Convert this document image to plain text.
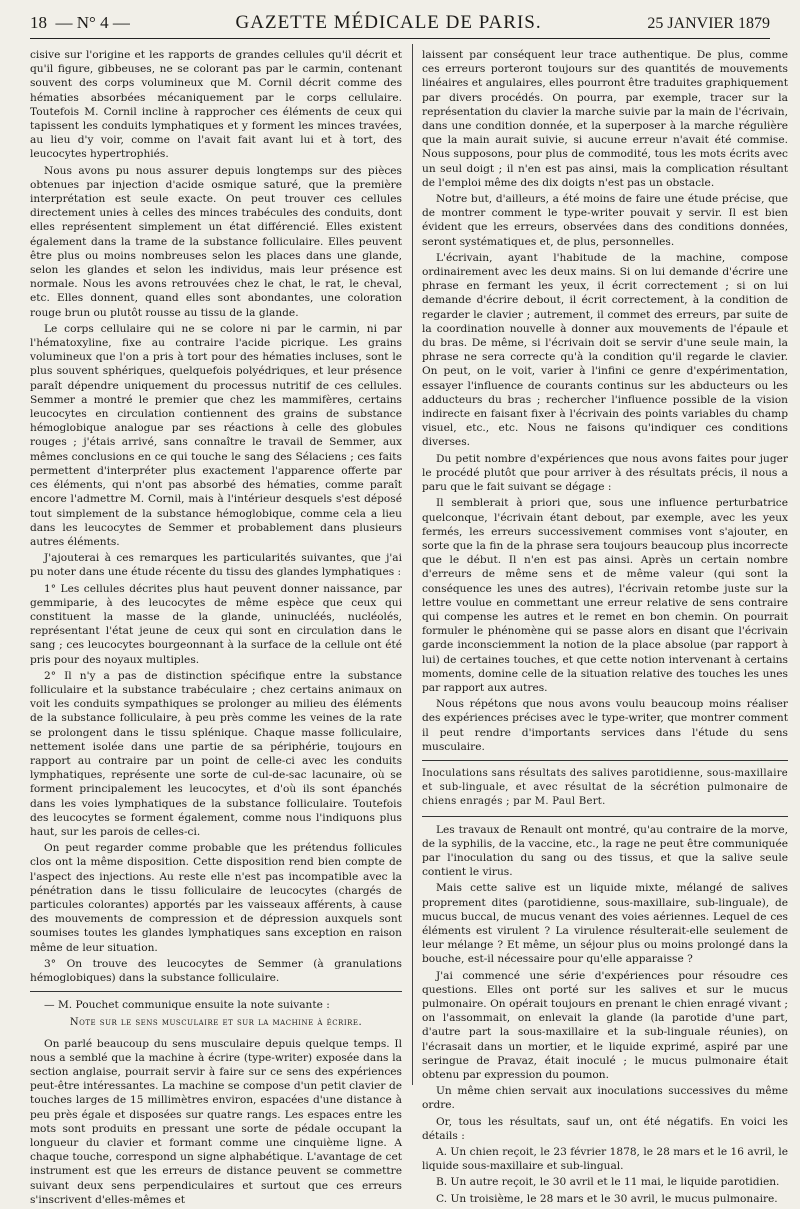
18 — N° 4 —	GAZETTE MÉDICALE DE PARIS.	25 JANVIER 1879

cisive sur l'origine et les rapports de grandes cellules qu'il décrit et qu'il figure, gibbeuses, ne se colorant pas par le carmin, contenant souvent des corps volumineux que M. Cornil décrit comme des hématies absorbées mécaniquement par le corps cellulaire. Toutefois M. Cornil incline à rapprocher ces éléments de ceux qui tapissent les conduits lymphatiques et y forment les minces travées, au lieu d'y voir, comme on l'avait fait avant lui et à tort, des leucocytes hypertrophiés.

Nous avons pu nous assurer depuis longtemps sur des pièces obtenues par injection d'acide osmique saturé, que la première interprétation est seule exacte. On peut trouver ces cellules directement unies à celles des minces trabécules des conduits, dont elles représentent simplement un état différencié. Elles existent également dans la trame de la substance folliculaire. Elles peuvent être plus ou moins nombreuses selon les places dans une glande, selon les glandes et selon les individus, mais leur présence est normale. Nous les avons retrouvées chez le chat, le rat, le cheval, etc. Elles donnent, quand elles sont abondantes, une coloration rouge brun ou plutôt rousse au tissu de la glande.

Le corps cellulaire qui ne se colore ni par le carmin, ni par l'hématoxyline, fixe au contraire l'acide picrique. Les grains volumineux que l'on a pris à tort pour des hématies incluses, sont le plus souvent sphériques, quelquefois polyédriques, et leur présence paraît dépendre uniquement du processus nutritif de ces cellules. Semmer a montré le premier que chez les mammifères, certains leucocytes en circulation contiennent des grains de substance hémoglobique analogue par ses réactions à celle des globules rouges ; j'étais arrivé, sans connaître le travail de Semmer, aux mêmes conclusions en ce qui touche le sang des Sélaciens ; ces faits permettent d'interpréter plus exactement l'apparence offerte par ces éléments, qui n'ont pas absorbé des hématies, comme paraît encore l'admettre M. Cornil, mais à l'intérieur desquels s'est déposé tout simplement de la substance hémoglobique, comme cela a lieu dans les leucocytes de Semmer et probablement dans plusieurs autres éléments.

J'ajouterai à ces remarques les particularités suivantes, que j'ai pu noter dans une étude récente du tissu des glandes lymphatiques :

1° Les cellules décrites plus haut peuvent donner naissance, par gemmiparie, à des leucocytes de même espèce que ceux qui constituent la masse de la glande, uninucléés, nucléolés, représentant l'état jeune de ceux qui sont en circulation dans le sang ; ces leucocytes bourgeonnant à la surface de la cellule ont été pris pour des noyaux multiples.

2° Il n'y a pas de distinction spécifique entre la substance folliculaire et la substance trabéculaire ; chez certains animaux on voit les conduits sympathiques se prolonger au milieu des éléments de la substance folliculaire, à peu près comme les veines de la rate se prolongent dans le tissu splénique. Chaque masse folliculaire, nettement isolée dans une partie de sa périphérie, toujours en rapport au contraire par un point de celle-ci avec les conduits lymphatiques, représente une sorte de cul-de-sac lacunaire, où se forment principalement les leucocytes, et d'où ils sont épanchés dans les voies lymphatiques de la substance folliculaire. Toutefois des leucocytes se forment également, comme nous l'indiquons plus haut, sur les parois de celles-ci.

On peut regarder comme probable que les prétendus follicules clos ont la même disposition. Cette disposition rend bien compte de l'aspect des injections. Au reste elle n'est pas incompatible avec la pénétration dans le tissu folliculaire de leucocytes (chargés de particules colorantes) apportés par les vaisseaux afférents, à cause des mouvements de compression et de dépression auxquels sont soumises toutes les glandes lymphatiques sans exception en raison même de leur situation.

3° On trouve des leucocytes de Semmer (à granulations hémoglobiques) dans la substance folliculaire.

— M. Pouchet communique ensuite la note suivante :

Note sur le sens musculaire et sur la machine à écrire.

On parlé beaucoup du sens musculaire depuis quelque temps. Il nous a semblé que la machine à écrire (type-writer) exposée dans la section anglaise, pourrait servir à faire sur ce sens des expériences peut-être intéressantes. La machine se compose d'un petit clavier de touches larges de 15 millimètres environ, espacées d'une distance à peu près égale et disposées sur quatre rangs. Les espaces entre les mots sont produits en pressant une sorte de pédale occupant la longueur du clavier et formant comme une cinquième ligne. A chaque touche, correspond un signe alphabétique. L'avantage de cet instrument est que les erreurs de distance peuvent se commettre suivant deux sens perpendiculaires et surtout que ces erreurs s'inscrivent d'elles-mêmes et

laissent par conséquent leur trace authentique. De plus, comme ces erreurs porteront toujours sur des quantités de mouvements linéaires et angulaires, elles pourront être traduites graphiquement par divers procédés. On pourra, par exemple, tracer sur la représentation du clavier la marche suivie par la main de l'écrivain, dans une condition donnée, et la superposer à la marche régulière que la main aurait suivie, si aucune erreur n'avait été commise. Nous supposons, pour plus de commodité, tous les mots écrits avec un seul doigt ; il n'en est pas ainsi, mais la complication résultant de l'emploi même des dix doigts n'est pas un obstacle.

Notre but, d'ailleurs, a été moins de faire une étude précise, que de montrer comment le type-writer pouvait y servir. Il est bien évident que les erreurs, observées dans des conditions données, seront systématiques et, de plus, personnelles.

L'écrivain, ayant l'habitude de la machine, compose ordinairement avec les deux mains. Si on lui demande d'écrire une phrase en fermant les yeux, il écrit correctement ; si on lui demande d'écrire debout, il écrit correctement, à la condition de regarder le clavier ; autrement, il commet des erreurs, par suite de la coordination nouvelle à donner aux mouvements de l'épaule et du bras. De même, si l'écrivain doit se servir d'une seule main, la phrase ne sera correcte qu'à la condition qu'il regarde le clavier. On peut, on le voit, varier à l'infini ce genre d'expérimentation, essayer l'influence de courants continus sur les abducteurs ou les adducteurs du bras ; rechercher l'influence possible de la vision indirecte en faisant fixer à l'écrivain des points variables du champ visuel, etc., etc. Nous ne faisons qu'indiquer ces conditions diverses.

Du petit nombre d'expériences que nous avons faites pour juger le procédé plutôt que pour arriver à des résultats précis, il nous a paru que le fait suivant se dégage :

Il semblerait à priori que, sous une influence perturbatrice quelconque, l'écrivain étant debout, par exemple, avec les yeux fermés, les erreurs successivement commises vont s'ajouter, en sorte que la fin de la phrase sera toujours beaucoup plus incorrecte que le début. Il n'en est pas ainsi. Après un certain nombre d'erreurs de même sens et de même valeur (qui sont la conséquence les unes des autres), l'écrivain retombe juste sur la lettre voulue en commettant une erreur relative de sens contraire qui compense les autres et le remet en bon chemin. On pourrait formuler le phénomène qui se passe alors en disant que l'écrivain garde inconsciemment la notion de la place absolue (par rapport à lui) de certaines touches, et que cette notion intervenant à certains moments, domine celle de la situation relative des touches les unes par rapport aux autres.

Nous répétons que nous avons voulu beaucoup moins réaliser des expériences précises avec le type-writer, que montrer comment il peut rendre d'importants services dans l'étude du sens musculaire.

Inoculations sans résultats des salives parotidienne, sous-maxillaire et sub-linguale, et avec résultat de la sécrétion pulmonaire de chiens enragés ; par M. Paul Bert.

Les travaux de Renault ont montré, qu'au contraire de la morve, de la syphilis, de la vaccine, etc., la rage ne peut être communiquée par l'inoculation du sang ou des tissus, et que la salive seule contient le virus.

Mais cette salive est un liquide mixte, mélangé de salives proprement dites (parotidienne, sous-maxillaire, sub-linguale), de mucus buccal, de mucus venant des voies aériennes. Lequel de ces éléments est virulent ? La virulence résulterait-elle seulement de leur mélange ? Et même, un séjour plus ou moins prolongé dans la bouche, est-il nécessaire pour qu'elle apparaisse ?

J'ai commencé une série d'expériences pour résoudre ces questions. Elles ont porté sur les salives et sur le mucus pulmonaire. On opérait toujours en prenant le chien enragé vivant ; on l'assommait, on enlevait la glande (la parotide d'une part, d'autre part la sous-maxillaire et la sub-linguale réunies), on l'écrasait dans un mortier, et le liquide exprimé, aspiré par une seringue de Pravaz, était inoculé ; le mucus pulmonaire était obtenu par expression du poumon.

Un même chien servait aux inoculations successives du même ordre.

Or, tous les résultats, sauf un, ont été négatifs. En voici les détails :

A. Un chien reçoit, le 23 février 1878, le 28 mars et le 16 avril, le liquide sous-maxillaire et sub-lingual.

B. Un autre reçoit, le 30 avril et le 11 mai, le liquide parotidien.

C. Un troisième, le 28 mars et le 30 avril, le mucus pulmonaire.
